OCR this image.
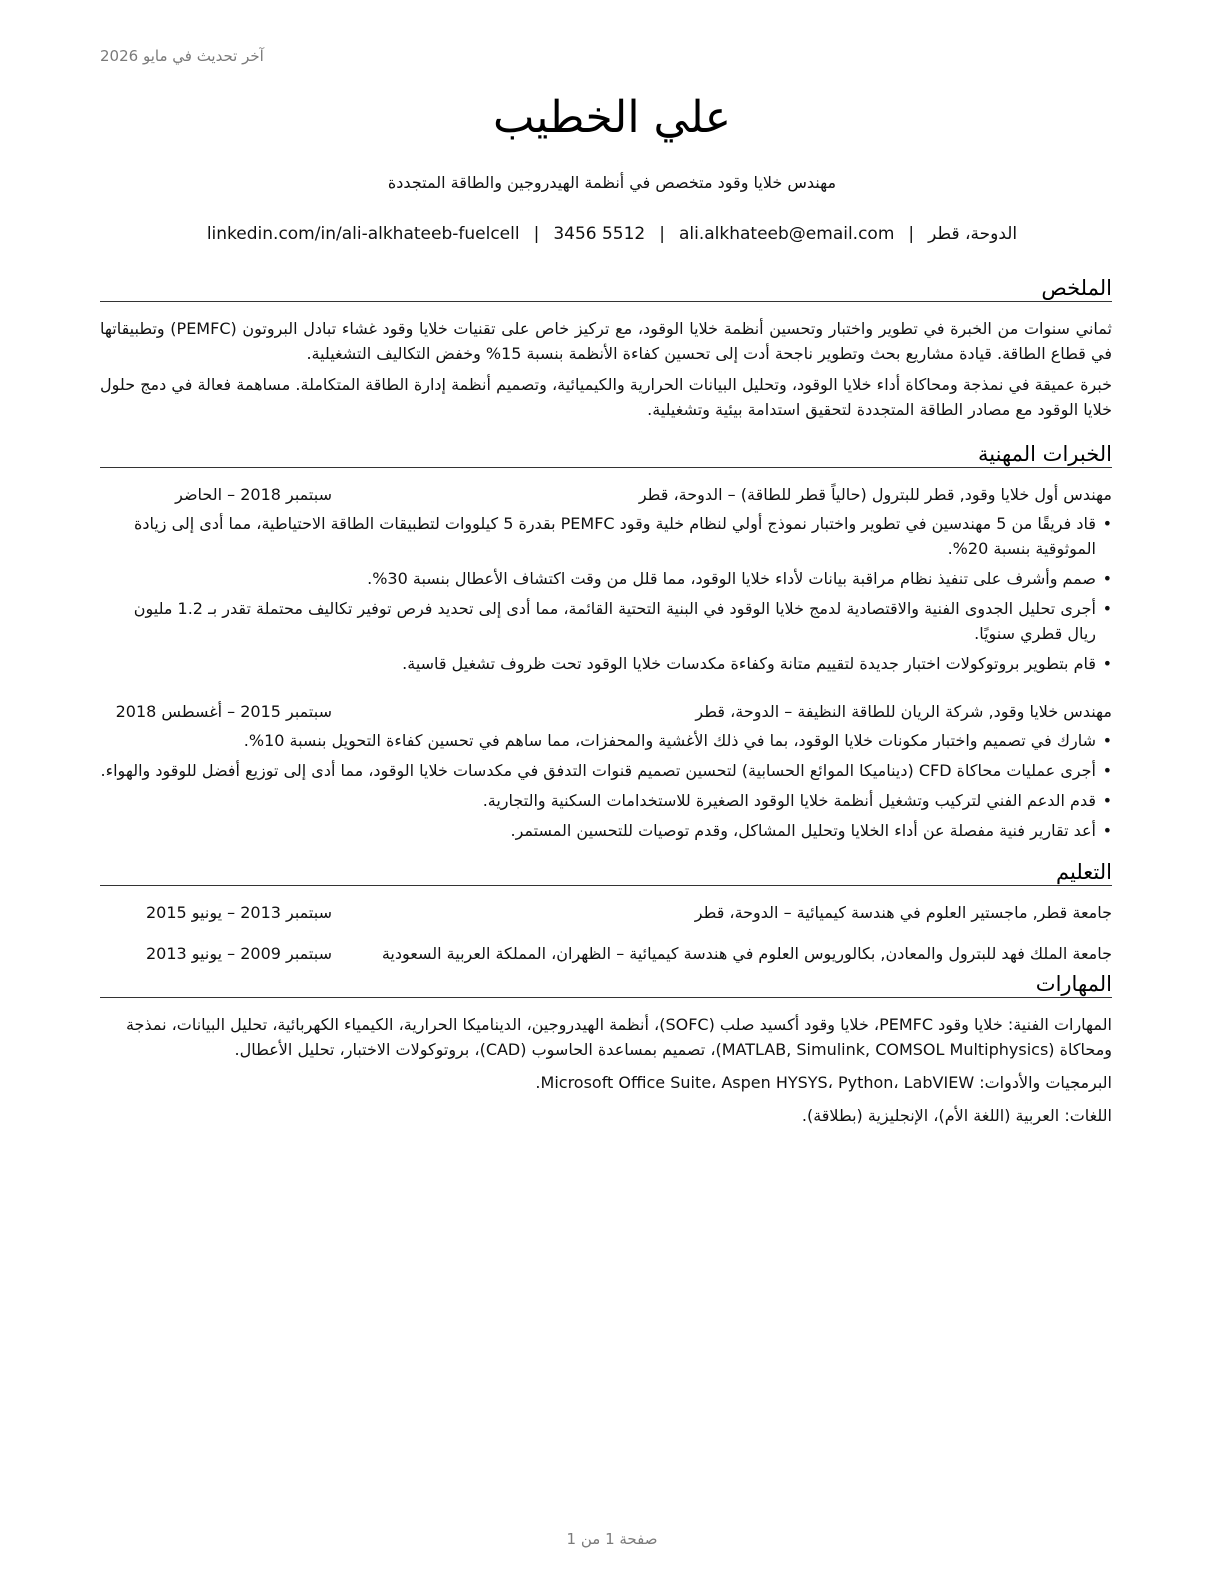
آخر تحديث في مايو 2026
علي الخطيب
مهندس خلايا وقود متخصص في أنظمة الهيدروجين والطاقة المتجددة
الدوحة، قطر|ali.alkhateeb@email.com|3456 5512|linkedin.com/in/ali-alkhateeb-fuelcell
الملخص

ثماني سنوات من الخبرة في تطوير واختبار وتحسين أنظمة خلايا الوقود، مع تركيز خاص على تقنيات خلايا وقود غشاء تبادل البروتون (PEMFC) وتطبيقاتها في قطاع الطاقة. قيادة مشاريع بحث وتطوير ناجحة أدت إلى تحسين كفاءة الأنظمة بنسبة 15% وخفض التكاليف التشغيلية.

خبرة عميقة في نمذجة ومحاكاة أداء خلايا الوقود، وتحليل البيانات الحرارية والكيميائية، وتصميم أنظمة إدارة الطاقة المتكاملة. مساهمة فعالة في دمج حلول خلايا الوقود مع مصادر الطاقة المتجددة لتحقيق استدامة بيئية وتشغيلية.

الخبرات المهنية
مهندس أول خلايا وقود, قطر للبترول (حالياً قطر للطاقة) – الدوحة، قطر
سبتمبر 2018 – الحاضر
• قاد فريقًا من 5 مهندسين في تطوير واختبار نموذج أولي لنظام خلية وقود PEMFC بقدرة 5 كيلووات لتطبيقات الطاقة الاحتياطية، مما أدى إلى زيادة الموثوقية بنسبة 20%.
• صمم وأشرف على تنفيذ نظام مراقبة بيانات لأداء خلايا الوقود، مما قلل من وقت اكتشاف الأعطال بنسبة 30%.
• أجرى تحليل الجدوى الفنية والاقتصادية لدمج خلايا الوقود في البنية التحتية القائمة، مما أدى إلى تحديد فرص توفير تكاليف محتملة تقدر بـ 1.2 مليون ريال قطري سنويًا.
• قام بتطوير بروتوكولات اختبار جديدة لتقييم متانة وكفاءة مكدسات خلايا الوقود تحت ظروف تشغيل قاسية.
مهندس خلايا وقود, شركة الريان للطاقة النظيفة – الدوحة، قطر
سبتمبر 2015 – أغسطس 2018
• شارك في تصميم واختبار مكونات خلايا الوقود، بما في ذلك الأغشية والمحفزات، مما ساهم في تحسين كفاءة التحويل بنسبة 10%.
• أجرى عمليات محاكاة CFD (ديناميكا الموائع الحسابية) لتحسين تصميم قنوات التدفق في مكدسات خلايا الوقود، مما أدى إلى توزيع أفضل للوقود والهواء.
• قدم الدعم الفني لتركيب وتشغيل أنظمة خلايا الوقود الصغيرة للاستخدامات السكنية والتجارية.
• أعد تقارير فنية مفصلة عن أداء الخلايا وتحليل المشاكل، وقدم توصيات للتحسين المستمر.
التعليم
جامعة قطر, ماجستير العلوم في هندسة كيميائية – الدوحة، قطر
سبتمبر 2013 – يونيو 2015
جامعة الملك فهد للبترول والمعادن, بكالوريوس العلوم في هندسة كيميائية – الظهران، المملكة العربية السعودية
سبتمبر 2009 – يونيو 2013
المهارات

المهارات الفنية: خلايا وقود PEMFC، خلايا وقود أكسيد صلب (SOFC)، أنظمة الهيدروجين، الديناميكا الحرارية، الكيمياء الكهربائية، تحليل البيانات، نمذجة ومحاكاة (MATLAB, Simulink, COMSOL Multiphysics)، تصميم بمساعدة الحاسوب (CAD)، بروتوكولات الاختبار، تحليل الأعطال.

البرمجيات والأدوات: Microsoft Office Suite، Aspen HYSYS، Python، LabVIEW.

اللغات: العربية (اللغة الأم)، الإنجليزية (بطلاقة).

صفحة 1 من 1
